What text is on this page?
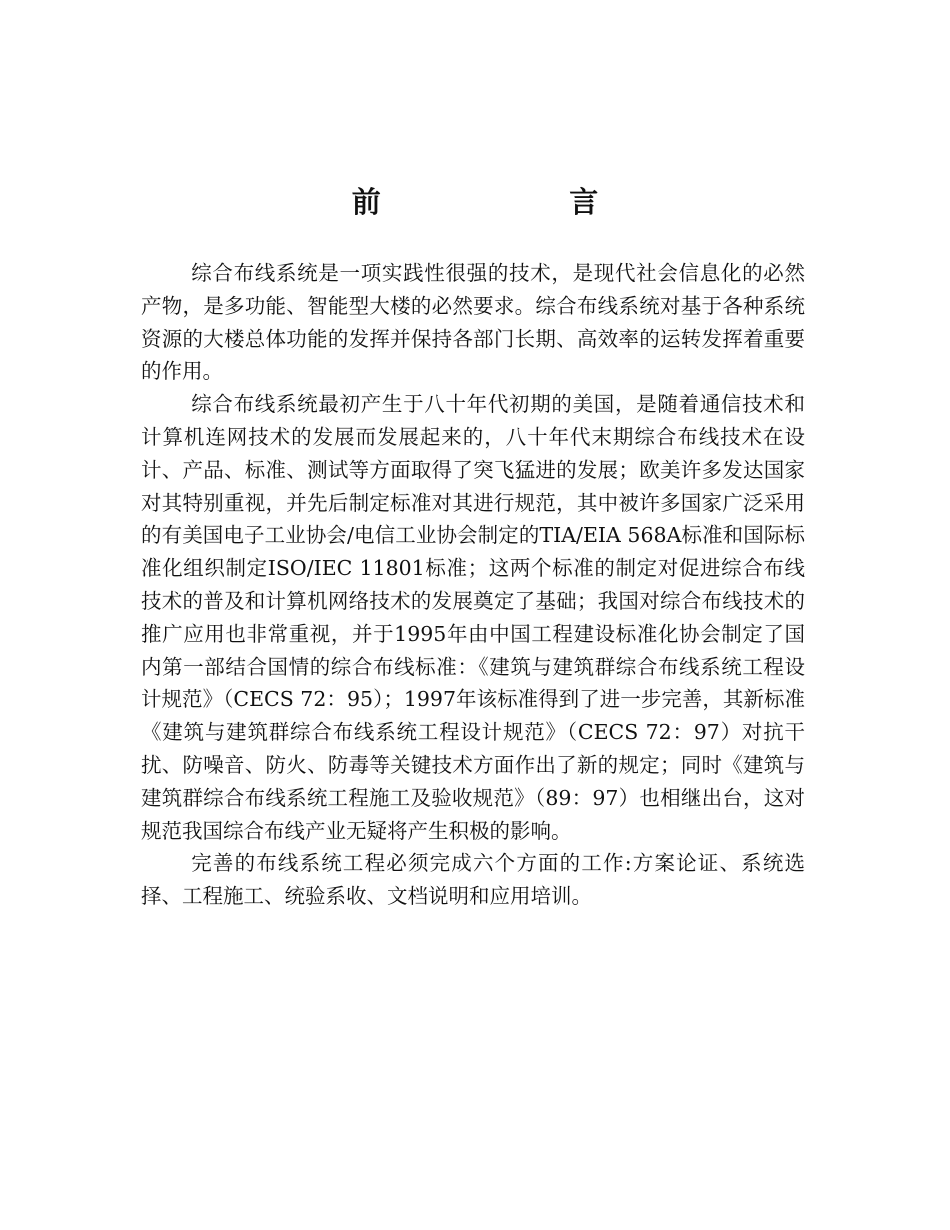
前　　言

综合布线系统是一项实践性很强的技术，是现代社会信息化的必然产物，是多功能、智能型大楼的必然要求。综合布线系统对基于各种系统资源的大楼总体功能的发挥并保持各部门长期、高效率的运转发挥着重要的作用。

综合布线系统最初产生于八十年代初期的美国，是随着通信技术和计算机连网技术的发展而发展起来的，八十年代末期综合布线技术在设计、产品、标准、测试等方面取得了突飞猛进的发展；欧美许多发达国家对其特别重视，并先后制定标准对其进行规范，其中被许多国家广泛采用的有美国电子工业协会/电信工业协会制定的TIA/EIA 568A标准和国际标准化组织制定ISO/IEC 11801标准；这两个标准的制定对促进综合布线技术的普及和计算机网络技术的发展奠定了基础；我国对综合布线技术的推广应用也非常重视，并于1995年由中国工程建设标准化协会制定了国内第一部结合国情的综合布线标准：《建筑与建筑群综合布线系统工程设计规范》（CECS 72：95）；1997年该标准得到了进一步完善，其新标准《建筑与建筑群综合布线系统工程设计规范》（CECS 72：97）对抗干扰、防噪音、防火、防毒等关键技术方面作出了新的规定；同时《建筑与建筑群综合布线系统工程施工及验收规范》（89：97）也相继出台，这对规范我国综合布线产业无疑将产生积极的影响。

完善的布线系统工程必须完成六个方面的工作:方案论证、系统选择、工程施工、统验系收、文档说明和应用培训。
